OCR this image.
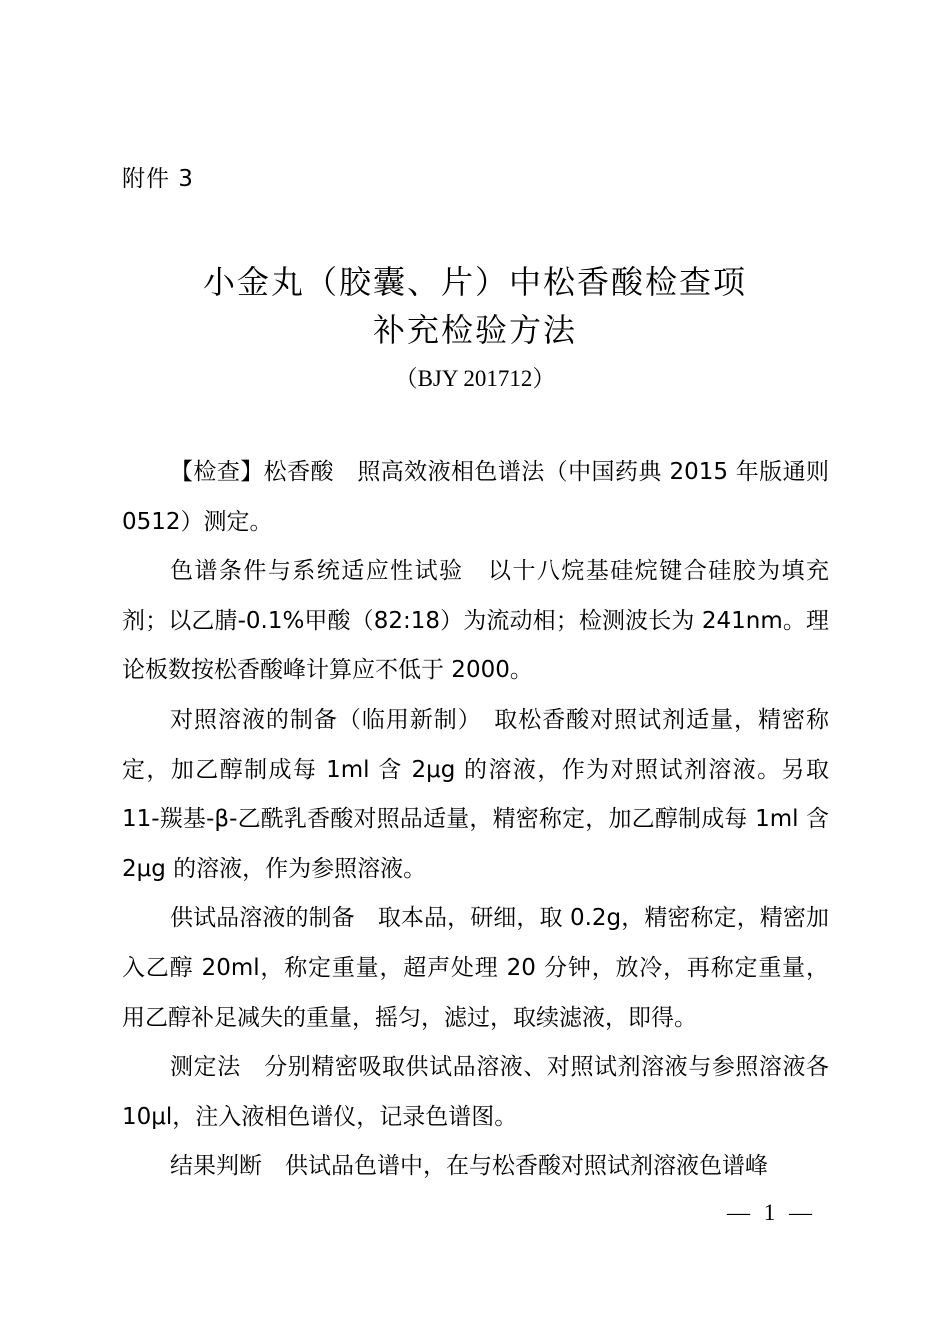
附件 3
小金丸（胶囊、片）中松香酸检查项
补充检验方法
（BJY 201712）

【检查】松香酸　照高效液相色谱法（中国药典 2015 年版通则 0512）测定。

色谱条件与系统适应性试验　以十八烷基硅烷键合硅胶为填充剂；以乙腈-0.1%甲酸（82:18）为流动相；检测波长为 241nm。理论板数按松香酸峰计算应不低于 2000。

对照溶液的制备（临用新制）　取松香酸对照试剂适量，精密称定，加乙醇制成每 1ml 含 2μg 的溶液，作为对照试剂溶液。另取 11-羰基-β-乙酰乳香酸对照品适量，精密称定，加乙醇制成每 1ml 含 2μg 的溶液，作为参照溶液。

供试品溶液的制备　取本品，研细，取 0.2g，精密称定，精密加入乙醇 20ml，称定重量，超声处理 20 分钟，放冷，再称定重量，用乙醇补足减失的重量，摇匀，滤过，取续滤液，即得。

测定法　分别精密吸取供试品溶液、对照试剂溶液与参照溶液各 10μl，注入液相色谱仪，记录色谱图。

结果判断　供试品色谱中，在与松香酸对照试剂溶液色谱峰

— 1 —
